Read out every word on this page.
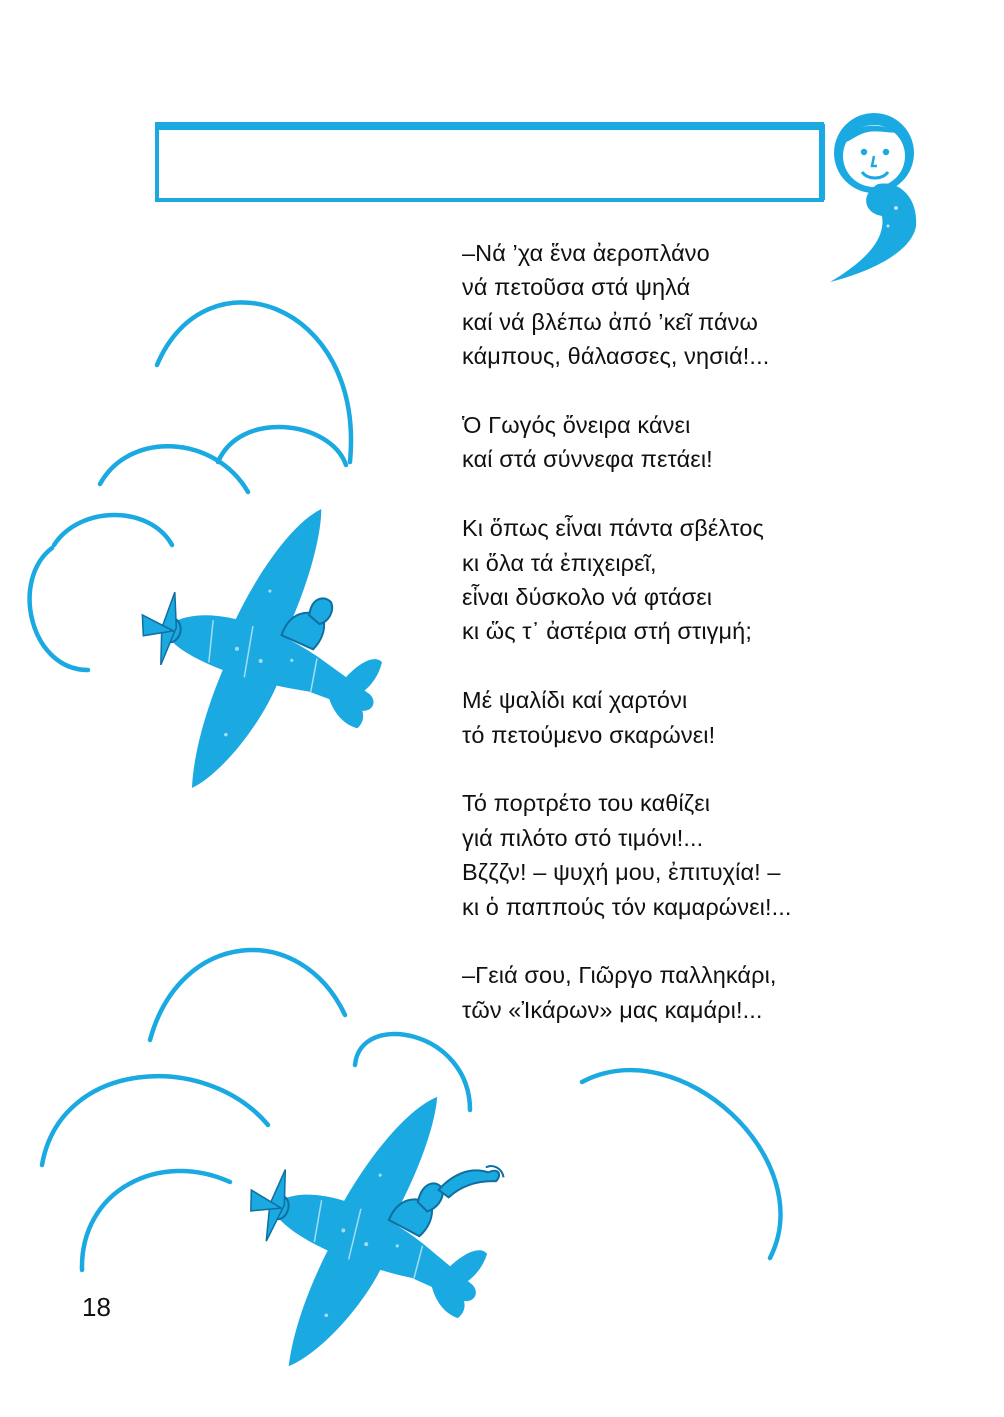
–Νά ’χα ἕνα ἀεροπλάνο
νά πετοῦσα στά ψηλά
καί νά βλέπω ἀπό ’κεῖ πάνω
κάμπους, θάλασσες, νησιά!...
Ὁ Γωγός ὄνειρα κάνει
καί στά σύννεφα πετάει!
Κι ὅπως εἶναι πάντα σβέλτος
κι ὅλα τά ἐπιχειρεῖ,
εἶναι δύσκολο νά φτάσει
κι ὥς τ᾿ ἀστέρια στή στιγμή;
Μέ ψαλίδι καί χαρτόνι
τό πετούμενο σκαρώνει!
Τό πορτρέτο του καθίζει
γιά πιλότο στό τιμόνι!...
Βζζζν! – ψυχή μου, ἐπιτυχία! –
κι ὁ παππούς τόν καμαρώνει!...
–Γειά σου, Γιῶργο παλληκάρι,
τῶν «Ἰκάρων» μας καμάρι!...
18
